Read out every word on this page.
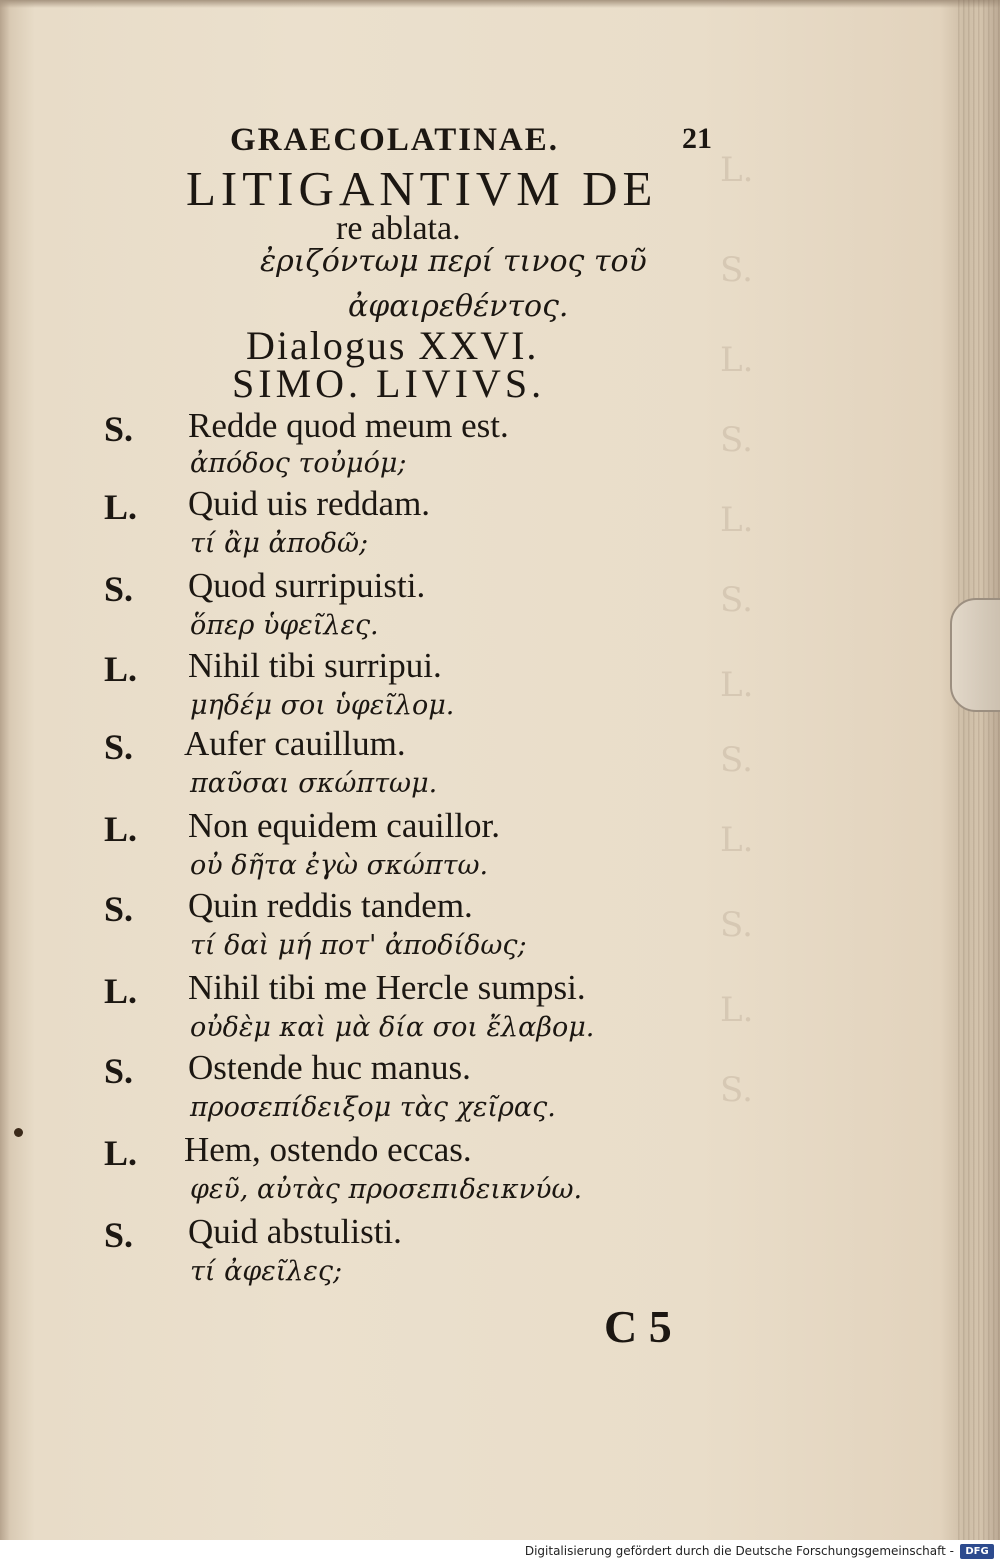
L.
S.
L.
S.
L.
S.
L.
S.
L.
S.
L.
S.
GRAECOLATINAE.	21
LITIGANTIVM DE
re ablata.
ἐριζόντωμ περί τινος τοῦ
ἀφαιρεθέντος.
Dialogus XXVI.
SIMO. LIVIVS.
S. Redde quod meum est.
ἀπόδος τοὐμόμ;
L. Quid uis reddam.
τί ἂμ ἀποδῶ;
S. Quod surripuisti.
ὅπερ ὑφεῖλες.
L. Nihil tibi surripui.
μηδέμ σοι ὑφεῖλομ.
S. Aufer cauillum.
παῦσαι σκώπτωμ.
L. Non equidem cauillor.
οὐ δῆτα ἐγὼ σκώπτω.
S. Quin reddis tandem.
τί δαὶ μή ποτ' ἀποδίδως;
L. Nihil tibi me Hercle sumpsi.
οὐδὲμ καὶ μὰ δία σοι ἔλαβομ.
S. Ostende huc manus.
προσεπίδειξομ τὰς χεῖρας.
L. Hem, ostendo eccas.
φεῦ, αὐτὰς προσεπιδεικνύω.
S. Quid abstulisti.
τί ἀφεῖλες;
C 5
Digitalisierung gefördert durch die Deutsche Forschungsgemeinschaft -	DFG
